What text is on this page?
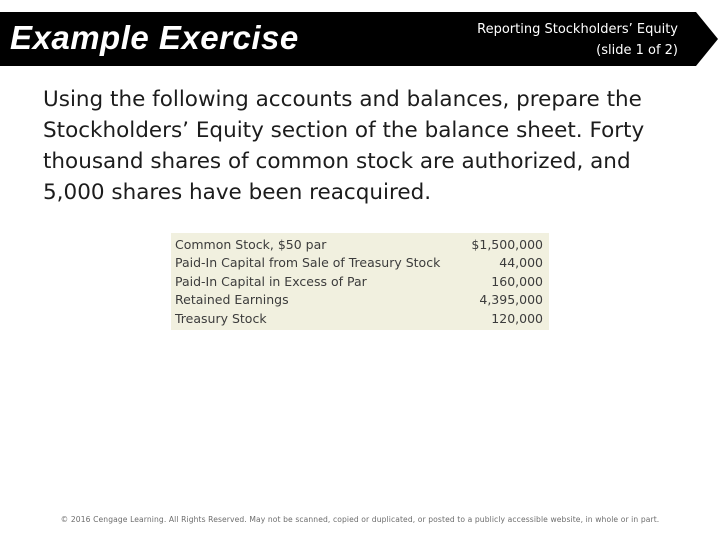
Example Exercise	Reporting Stockholders’ Equity
(slide 1 of 2)
Using the following accounts and balances, prepare the Stockholders’ Equity section of the balance sheet. Forty thousand shares of common stock are authorized, and 5,000 shares have been reacquired.
Common Stock, $50 par	$1,500,000
Paid-In Capital from Sale of Treasury Stock	44,000
Paid-In Capital in Excess of Par	160,000
Retained Earnings	4,395,000
Treasury Stock	120,000
© 2016 Cengage Learning. All Rights Reserved. May not be scanned, copied or duplicated, or posted to a publicly accessible website, in whole or in part.
